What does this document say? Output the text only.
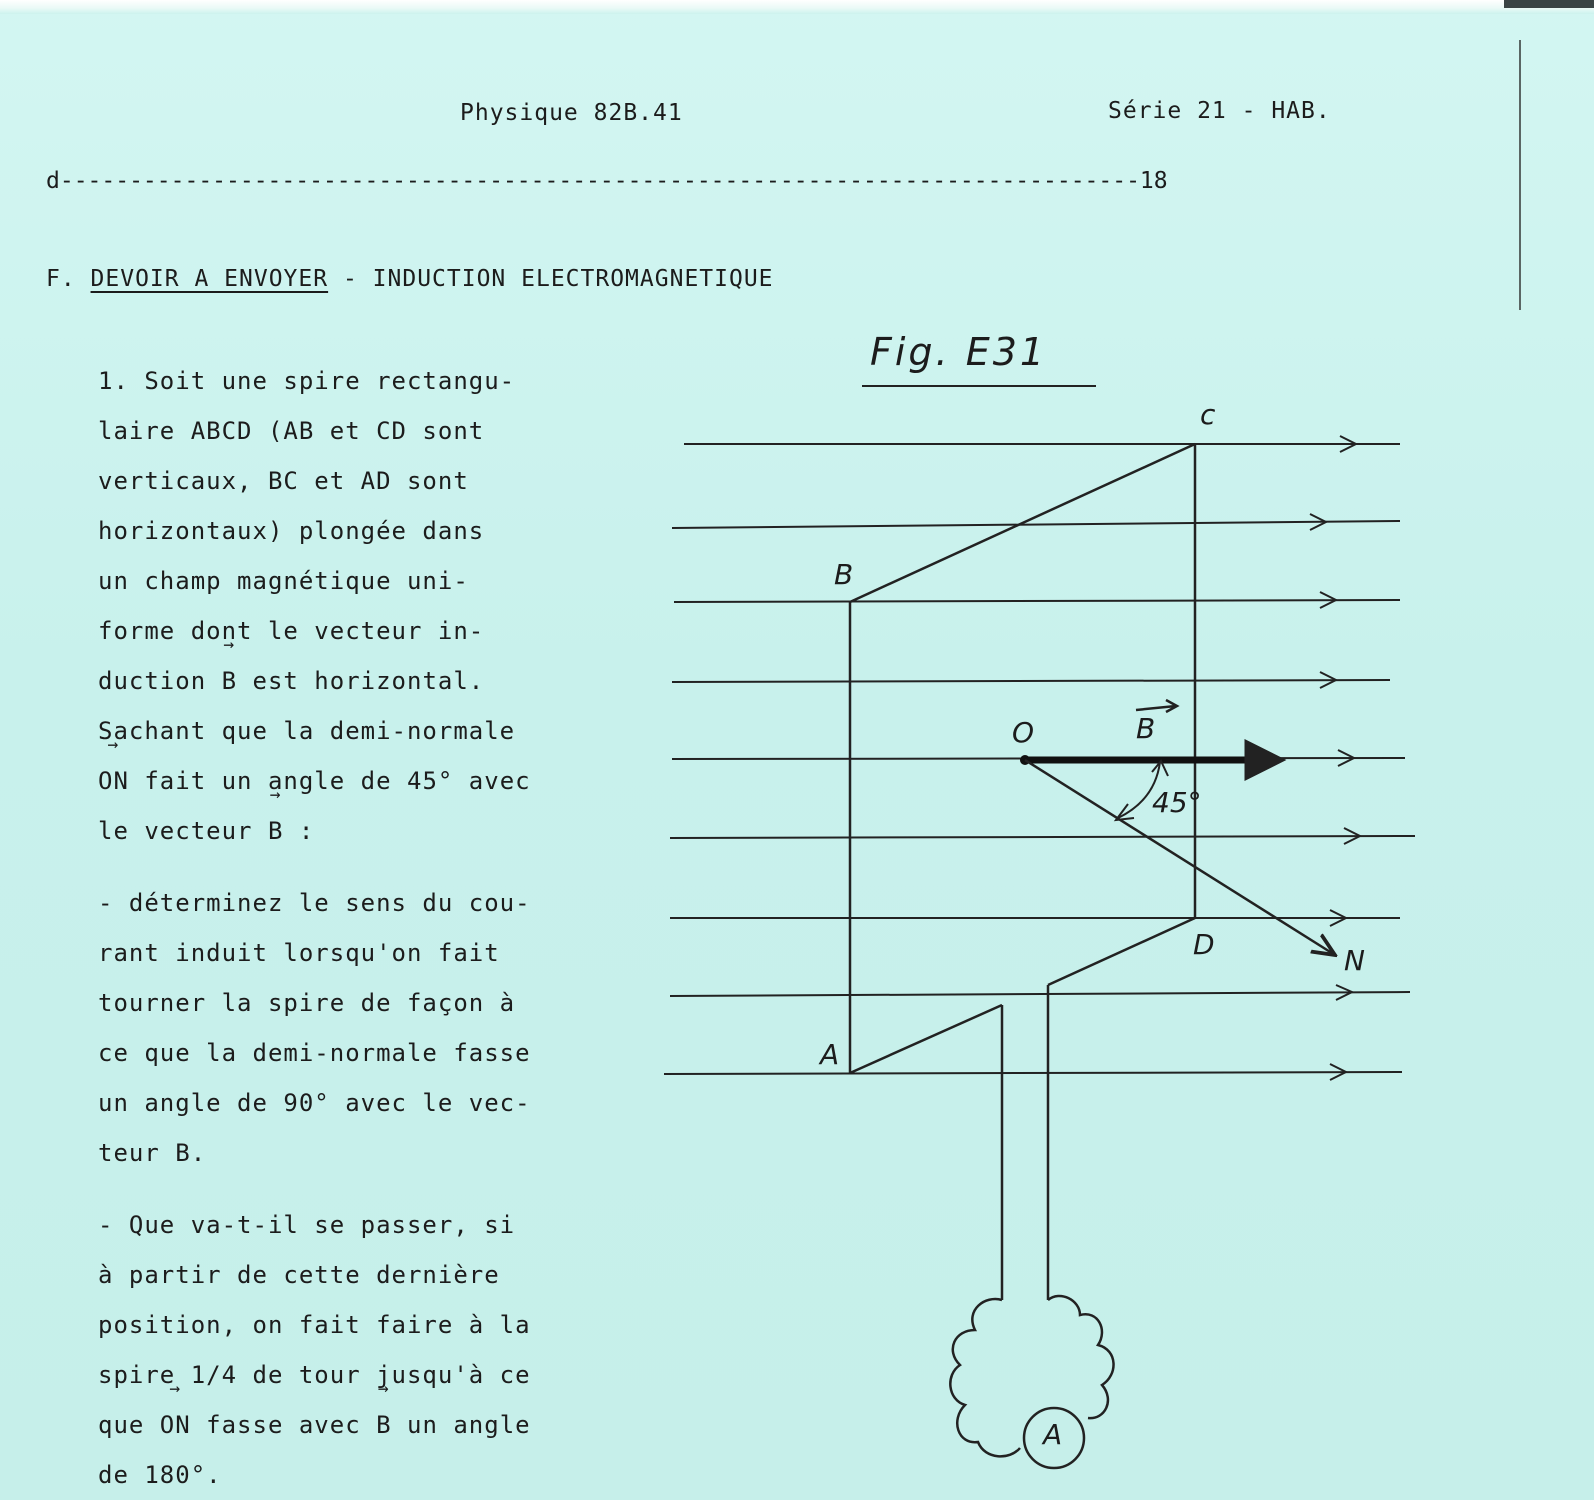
Physique 82B.41	Série 21 - HAB.
d------------------------------------------------------------------------------18
F. DEVOIR A ENVOYER - INDUCTION ELECTROMAGNETIQUE
1. Soit une spire rectangu-
laire ABCD (AB et CD sont
verticaux, BC et AD sont
horizontaux) plongée dans
un champ magnétique uni-
forme dont le vecteur in-
duction → B est horizontal.
Sachant que la demi-normale
→ ON fait un angle de 45° avec
le vecteur → B :
- déterminez le sens du cou-
rant induit lorsqu'on fait
tourner la spire de façon à
ce que la demi-normale fasse
un angle de 90° avec le vec-
teur B.
- Que va-t-il se passer, si
à partir de cette dernière
position, on fait faire à la
spire 1/4 de tour jusqu'à ce
que → ON fasse avec → B un angle
de 180°.
Fig. E31
B
c
D
A
O	B
45°
N
A
